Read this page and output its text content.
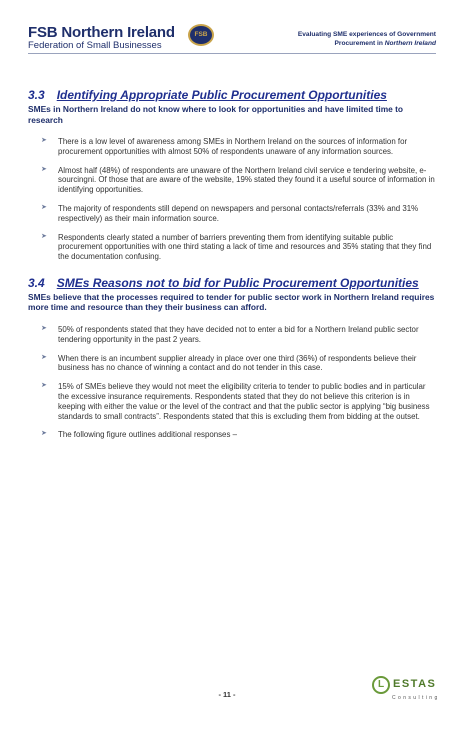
FSB Northern Ireland
Federation of Small Businesses
FSB	Evaluating SME experiences of Government
Procurement in Northern Ireland
3.3 Identifying Appropriate Public Procurement Opportunities

SMEs in Northern Ireland do not know where to look for opportunities and have limited time to research

➤ There is a low level of awareness among SMEs in Northern Ireland on the sources of information for procurement opportunities with almost 50% of respondents unaware of any information sources.
➤ Almost half (48%) of respondents are unaware of the Northern Ireland civil service e tendering website, e-sourcingni. Of those that are aware of the website, 19% stated they found it a useful source of information in identifying opportunities.
➤ The majority of respondents still depend on newspapers and personal contacts/referrals (33% and 31% respectively) as their main information source.
➤ Respondents clearly stated a number of barriers preventing them from identifying suitable public procurement opportunities with one third stating a lack of time and resources and 35% stating that they find the documentation confusing.
3.4 SMEs Reasons not to bid for Public Procurement Opportunities

SMEs believe that the processes required to tender for public sector work in Northern Ireland requires more time and resource than they their business can afford.

➤ 50% of respondents stated that they have decided not to enter a bid for a Northern Ireland public sector tendering opportunity in the past 2 years.
➤ When there is an incumbent supplier already in place over one third (36%) of respondents believe their business has no chance of winning a contact and do not tender in this case.
➤ 15% of SMEs believe they would not meet the eligibility criteria to tender to public bodies and in particular the excessive insurance requirements. Respondents stated that they do not believe this criterion is in keeping with either the value or the level of the contract and that the public sector is applying “big business standards to small contracts”. Respondents stated that this is excluding them from bidding at the outset.
➤ The following figure outlines additional responses –
- 11 -
L ESTAS
Consulting
